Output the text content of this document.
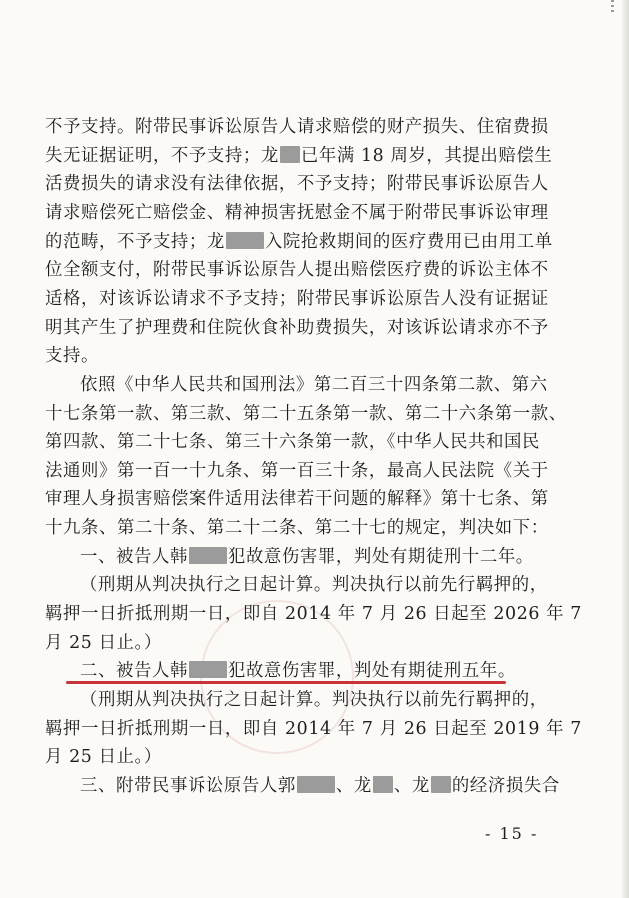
不予支持。附带民事诉讼原告人请求赔偿的财产损失、住宿费损
失无证据证明，不予支持；龙 已年满 18 周岁，其提出赔偿生
活费损失的请求没有法律依据，不予支持；附带民事诉讼原告人
请求赔偿死亡赔偿金、精神损害抚慰金不属于附带民事诉讼审理
的范畴，不予支持；龙 入院抢救期间的医疗费用已由用工单
位全额支付，附带民事诉讼原告人提出赔偿医疗费的诉讼主体不
适格，对该诉讼请求不予支持；附带民事诉讼原告人没有证据证
明其产生了护理费和住院伙食补助费损失，对该诉讼请求亦不予
支持。
依照《中华人民共和国刑法》第二百三十四条第二款、第六
十七条第一款、第三款、第二十五条第一款、第二十六条第一款、
第四款、第二十七条、第三十六条第一款，《中华人民共和国民
法通则》第一百一十九条、第一百三十条，最高人民法院《关于
审理人身损害赔偿案件适用法律若干问题的解释》第十七条、第
十九条、第二十条、第二十二条、第二十七的规定，判决如下：
一、被告人韩 犯故意伤害罪，判处有期徒刑十二年。
（刑期从判决执行之日起计算。判决执行以前先行羁押的，
羁押一日折抵刑期一日，即自 2014 年 7 月 26 日起至 2026 年 7
月 25 日止。）
二、被告人韩 犯故意伤害罪，判处有期徒刑五年。
（刑期从判决执行之日起计算。判决执行以前先行羁押的，
羁押一日折抵刑期一日，即自 2014 年 7 月 26 日起至 2019 年 7
月 25 日止。）
三、附带民事诉讼原告人郭 、龙 、龙 的经济损失合
- 15 -
